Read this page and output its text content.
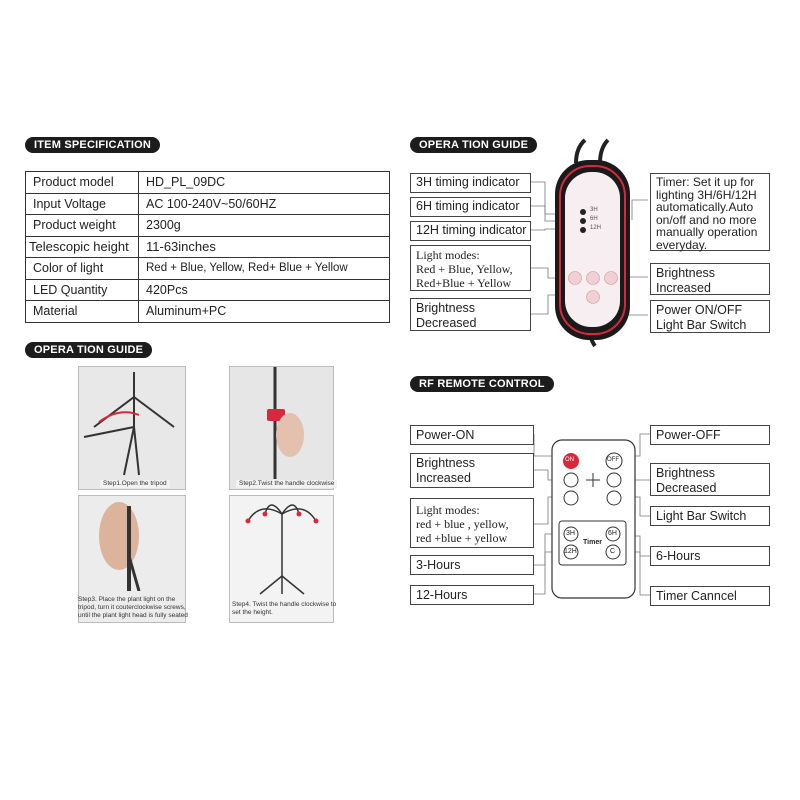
ITEM SPECIFICATION	OPERA TION GUIDE
OPERA TION GUIDE
RF REMOTE CONTROL
Product model	HD_PL_09DC
Input Voltage	AC 100-240V~50/60HZ
Product weight	2300g
Telescopic height	11-63inches
Color of light	Red + Blue, Yellow, Red+ Blue + Yellow
LED Quantity	420Pcs
Material	Aluminum+PC
3H
6H
12H
3H timing indicator
6H timing indicator
12H timing indicator
Light modes:
Red + Blue, Yellow,
Red+Blue + Yellow
Brightness
Decreased
Timer: Set it up for
lighting 3H/6H/12H
automatically.Auto
on/off and no more
manually operation
everyday.
Brightness
Increased
Power ON/OFF
Light Bar Switch
ON	OFF
3H
12H
6H
C
Timer
Power-ON
Brightness
Increased
Light modes:
red + blue , yellow,
red +blue + yellow
3-Hours
12-Hours
Power-OFF
Brightness
Decreased
Light Bar Switch
6-Hours
Timer Canncel
Step1.Open the tripod	Step2.Twist the handle clockwise
Step3. Place the plant light on the
tripod, turn it couterclockwise screws,
until the plant light head is fully seated
Step4. Twist the handle clockwise to
set the height.
